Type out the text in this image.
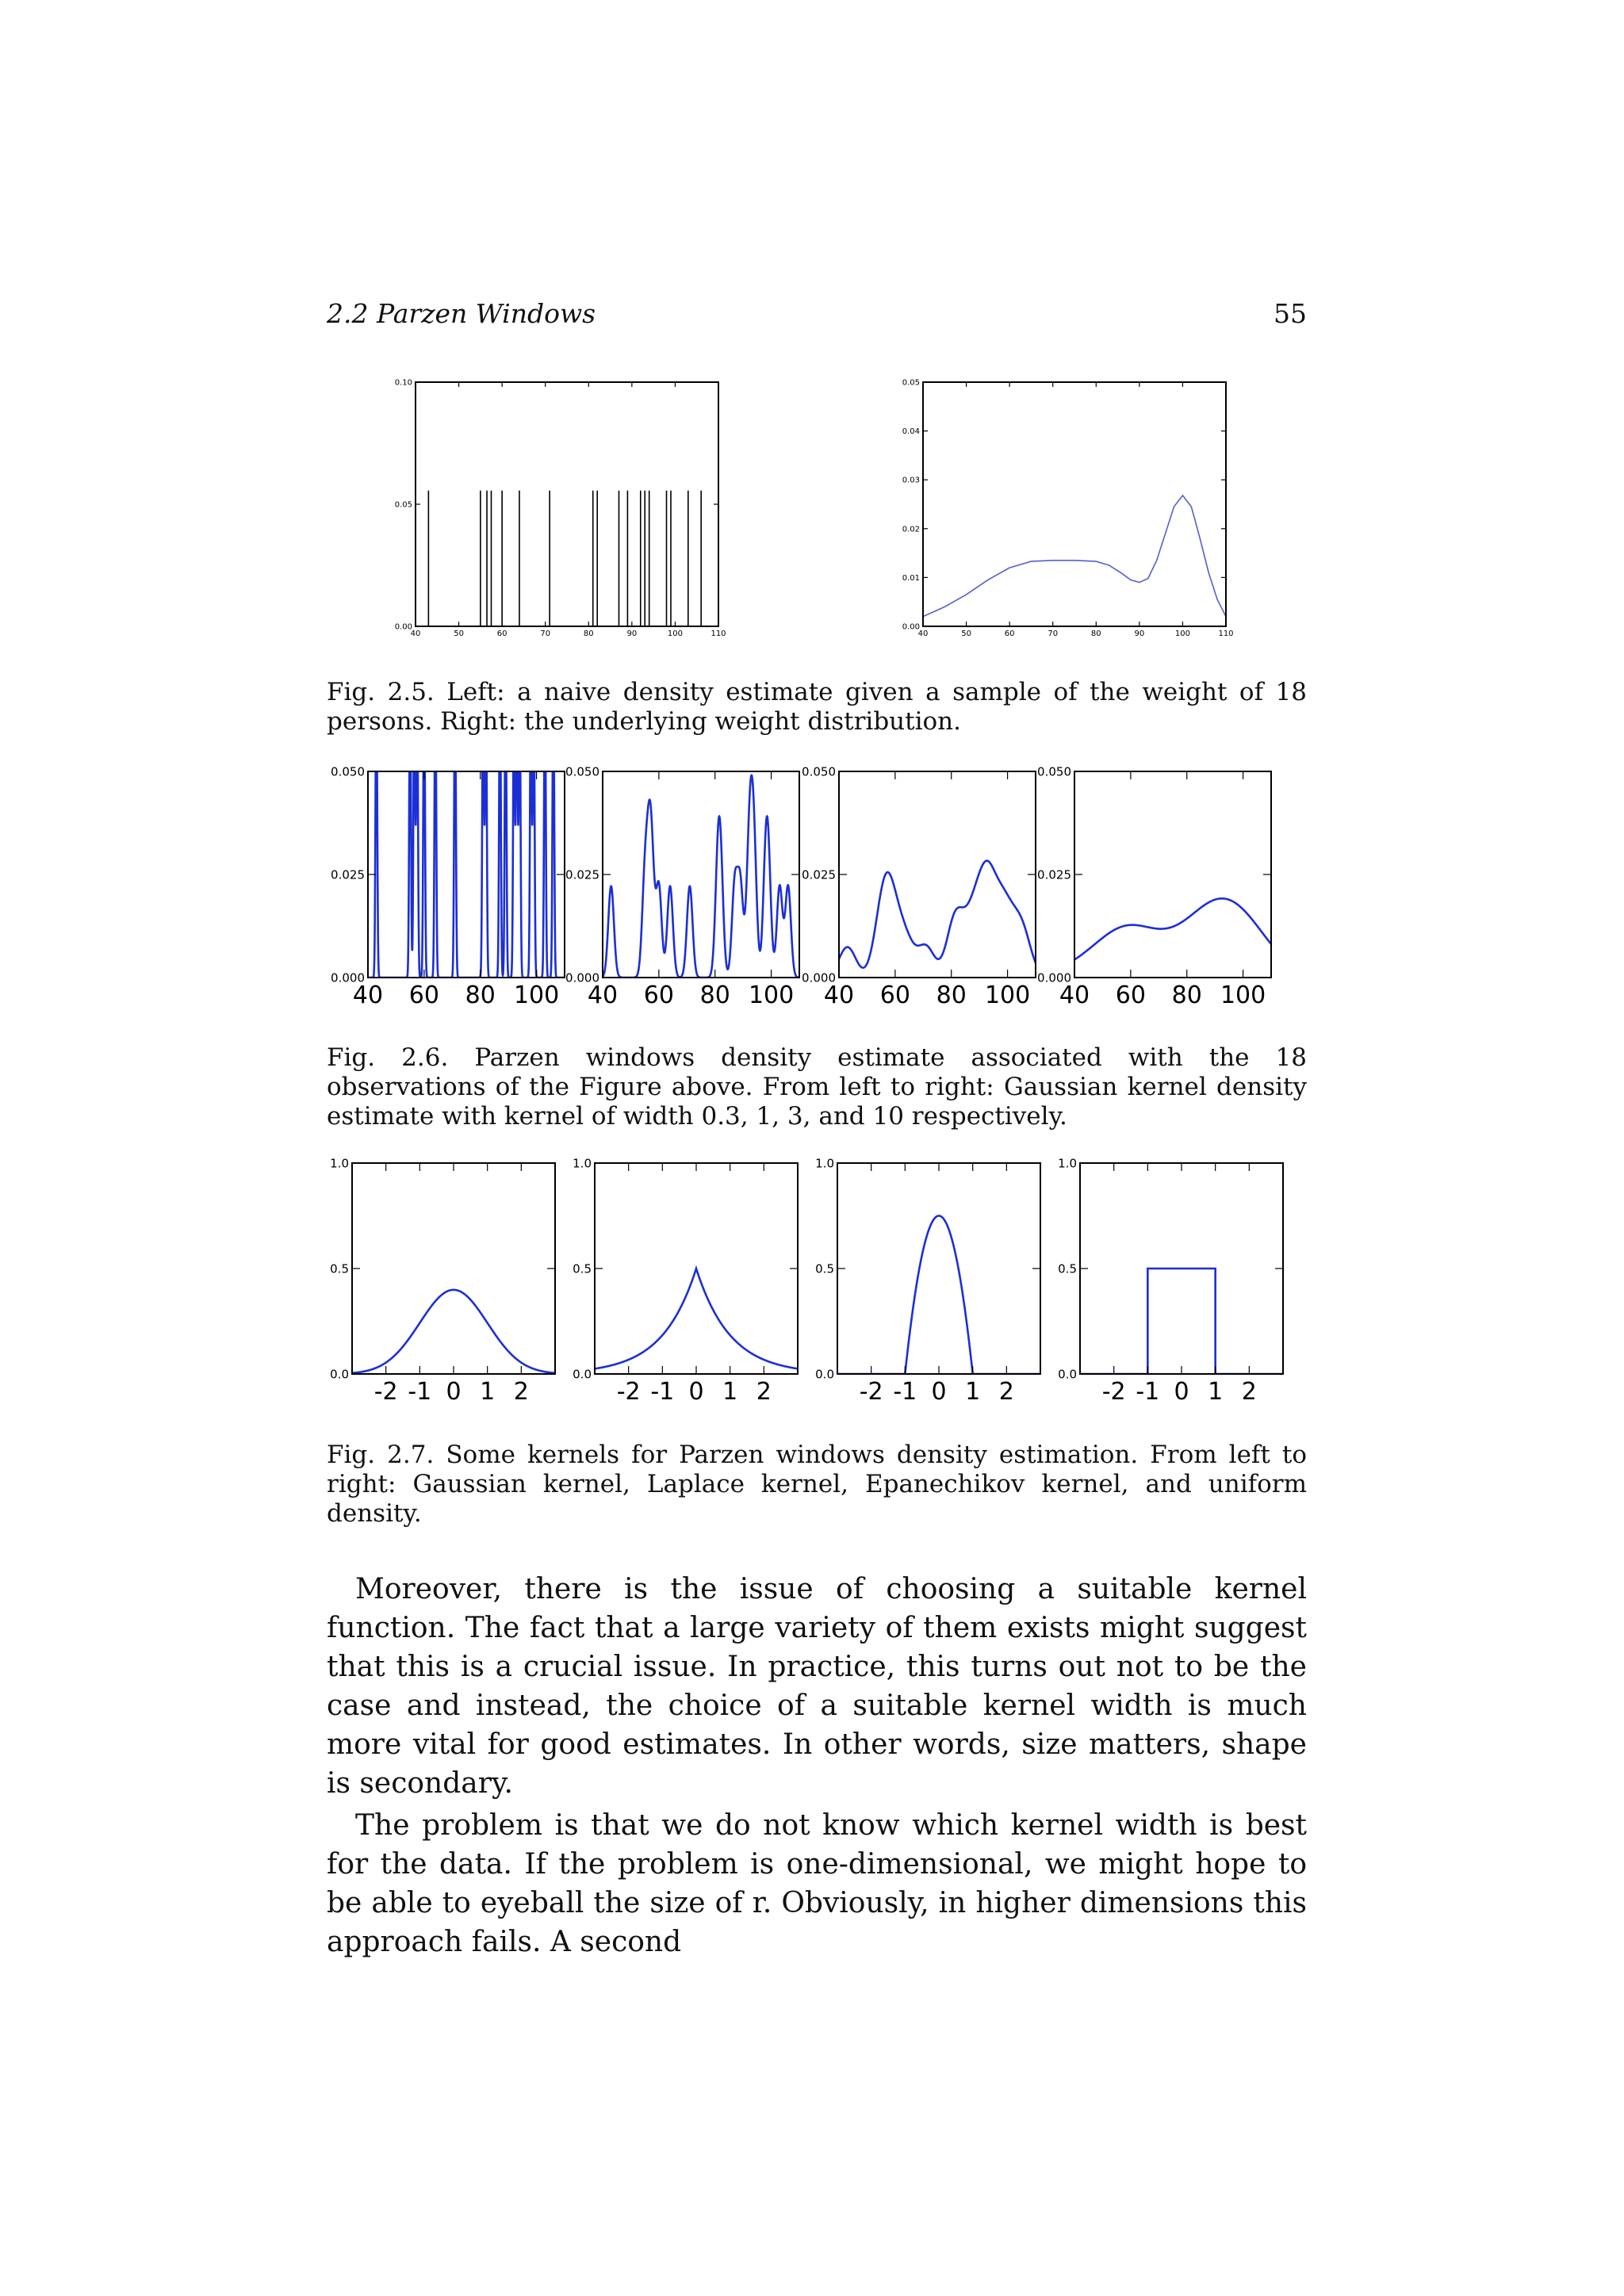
2.2 Parzen Windows	55
40	50	60	70	80	90	100	110
0.00
0.05
0.10
40	50	60	70	80	90	100	110
0.00
0.01
0.02
0.03
0.04
0.05
Fig. 2.5. Left: a naive density estimate given a sample of the weight of 18 persons. Right: the underlying weight distribution.
40 60 80 100
0.000
0.025
0.050
40 60 80 100
0.000
0.025
0.050
40 60 80 100
0.000
0.025
0.050
40 60 80 100
0.000
0.025
0.050
Fig. 2.6. Parzen windows density estimate associated with the 18 observations of the Figure above. From left to right: Gaussian kernel density estimate with kernel of width 0.3, 1, 3, and 10 respectively.
-2 -1 0 1 2
0.0
0.5
1.0
-2 -1 0 1 2
0.0
0.5
1.0
-2 -1 0 1 2
0.0
0.5
1.0
-2 -1 0 1 2
0.0
0.5
1.0
Fig. 2.7. Some kernels for Parzen windows density estimation. From left to right: Gaussian kernel, Laplace kernel, Epanechikov kernel, and uniform density.

Moreover, there is the issue of choosing a suitable kernel function. The fact that a large variety of them exists might suggest that this is a crucial issue. In practice, this turns out not to be the case and instead, the choice of a suitable kernel width is much more vital for good estimates. In other words, size matters, shape is secondary.

The problem is that we do not know which kernel width is best for the data. If the problem is one-dimensional, we might hope to be able to eyeball the size of r. Obviously, in higher dimensions this approach fails. A second
